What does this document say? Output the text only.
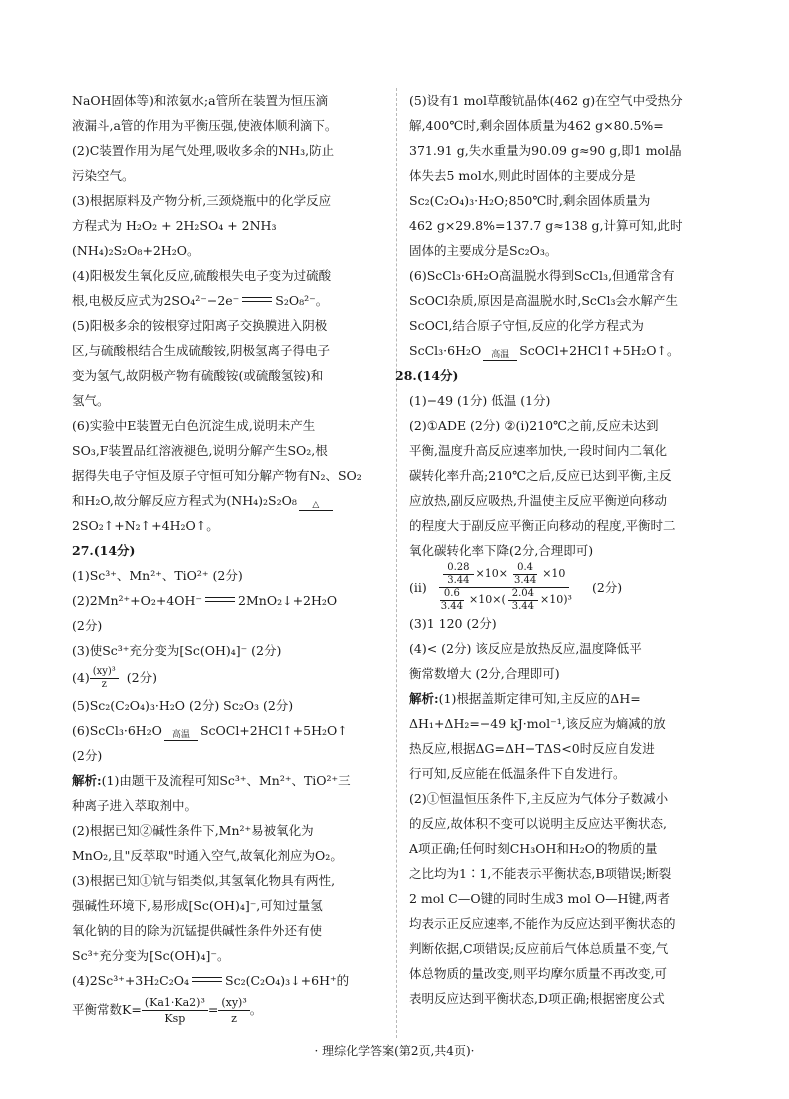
NaOH固体等)和浓氨水;a管所在装置为恒压滴
液漏斗,a管的作用为平衡压强,使液体顺利滴下。
(2)C装置作用为尾气处理,吸收多余的NH₃,防止
污染空气。
(3)根据原料及产物分析,三颈烧瓶中的化学反应
方程式为 H₂O₂ + 2H₂SO₄ + 2NH₃
(NH₄)₂S₂O₈+2H₂O。
(4)阳极发生氧化反应,硫酸根失电子变为过硫酸
根,电极反应式为2SO₄²⁻−2e⁻	S₂O₈²⁻。
(5)阳极多余的铵根穿过阳离子交换膜进入阴极
区,与硫酸根结合生成硫酸铵,阴极氢离子得电子
变为氢气,故阴极产物有硫酸铵(或硫酸氢铵)和
氢气。
(6)实验中E装置无白色沉淀生成,说明未产生
SO₃,F装置品红溶液褪色,说明分解产生SO₂,根
据得失电子守恒及原子守恒可知分解产物有N₂、SO₂
和H₂O,故分解反应方程式为(NH₄)₂S₂O₈ △
2SO₂↑+N₂↑+4H₂O↑。
27.(14分)
(1)Sc³⁺、Mn²⁺、TiO²⁺ (2分)
(2)2Mn²⁺+O₂+4OH⁻	2MnO₂↓+2H₂O
(2分)
(3)使Sc³⁺充分变为[Sc(OH)₄]⁻ (2分)
$(4) \frac{\text{(xy)³}}{z} (2$分)
(5)Sc₂(C₂O₄)₃·H₂O (2分) Sc₂O₃ (2分)
(6)ScCl₃·6H₂O 高温 ScOCl+2HCl↑+5H₂O↑
(2分)
解析:(1)由题干及流程可知Sc³⁺、Mn²⁺、TiO²⁺三
种离子进入萃取剂中。
(2)根据已知②碱性条件下,Mn²⁺易被氧化为
MnO₂,且"反萃取"时通入空气,故氧化剂应为O₂。
(3)根据已知①钪与铝类似,其氢氧化物具有两性,
强碱性环境下,易形成[Sc(OH)₄]⁻,可知过量氢
氧化钠的目的除为沉锰提供碱性条件外还有使
Sc³⁺充分变为[Sc(OH)₄]⁻。
(4)2Sc³⁺+3H₂C₂O₄	Sc₂(C₂O₄)₃↓+6H⁺的
平衡常数$K= \frac{\text{(Ka1·Ka2)³}}{\text{Ksp}} = \frac{\text{(xy)³}}{z}$ 。
(5)设有1 mol草酸钪晶体(462 g)在空气中受热分
解,400℃时,剩余固体质量为462 g×80.5%=
371.91 g,失水重量为90.09 g≈90 g,即1 mol晶
体失去5 mol水,则此时固体的主要成分是
Sc₂(C₂O₄)₃·H₂O;850℃时,剩余固体质量为
462 g×29.8%=137.7 g≈138 g,计算可知,此时
固体的主要成分是Sc₂O₃。
(6)ScCl₃·6H₂O高温脱水得到ScCl₃,但通常含有
ScOCl杂质,原因是高温脱水时,ScCl₃会水解产生
ScOCl,结合原子守恒,反应的化学方程式为
ScCl₃·6H₂O 高温 ScOCl+2HCl↑+5H₂O↑。
28.(14分)
(1)−49 (1分) 低温 (1分)
(2)①ADE (2分) ②(i)210℃之前,反应未达到
平衡,温度升高反应速率加快,一段时间内二氧化
碳转化率升高;210℃之后,反应已达到平衡,主反
应放热,副反应吸热,升温使主反应平衡逆向移动
的程度大于副反应平衡正向移动的程度,平衡时二
氧化碳转化率下降(2分,合理即可)
$(ii) \frac{\frac{0.28}{3.44} \times 10\times \frac{0.4}{3.44} \times 10}{\frac{0.6}{3.44} \times 10\times( \frac{2.04}{3.44} \times 10)^3} (2$分)
(3)1 120 (2分)
(4)< (2分) 该反应是放热反应,温度降低平
衡常数增大 (2分,合理即可)
解析:(1)根据盖斯定律可知,主反应的ΔH=
ΔH₁+ΔH₂=−49 kJ·mol⁻¹,该反应为熵减的放
热反应,根据ΔG=ΔH−TΔS<0时反应自发进
行可知,反应能在低温条件下自发进行。
(2)①恒温恒压条件下,主反应为气体分子数减小
的反应,故体积不变可以说明主反应达平衡状态,
A项正确;任何时刻CH₃OH和H₂O的物质的量
之比均为1∶1,不能表示平衡状态,B项错误;断裂
2 mol C—O键的同时生成3 mol O—H键,两者
均表示正反应速率,不能作为反应达到平衡状态的
判断依据,C项错误;反应前后气体总质量不变,气
体总物质的量改变,则平均摩尔质量不再改变,可
表明反应达到平衡状态,D项正确;根据密度公式
· 理综化学答案(第2页,共4页)·
